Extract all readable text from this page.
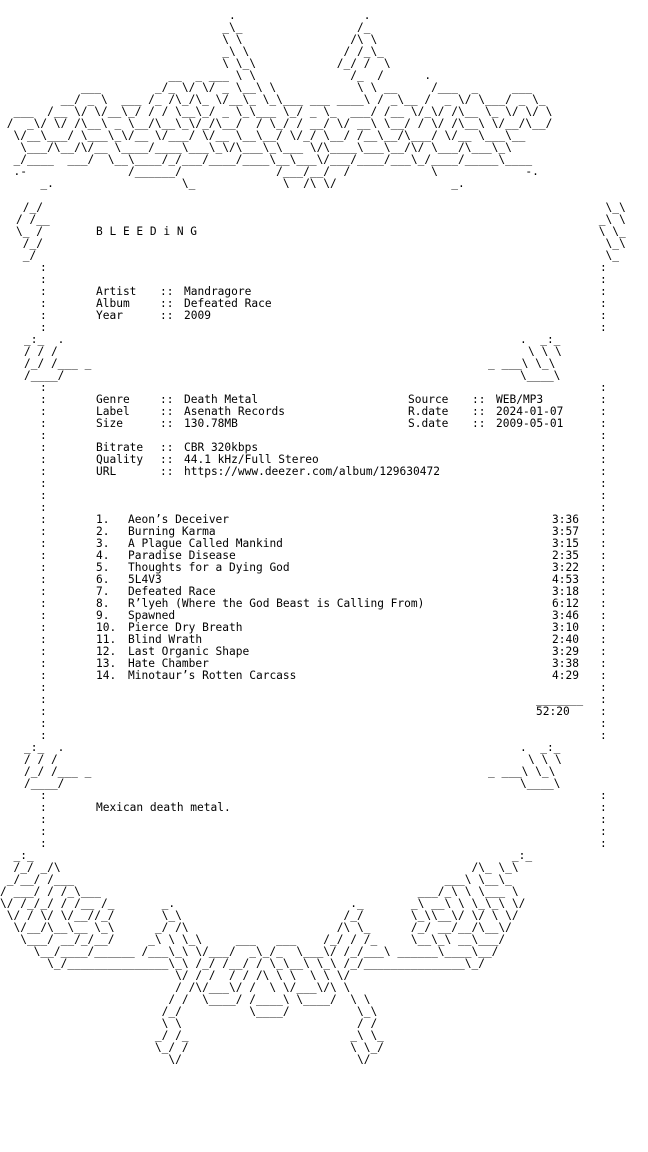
.                   .
_\_                 /_
\ \                /\ \
_\ \              / /_\_
\ \_\            /_/ /  \
__  _ ___ \ \              /_  /      .
___        _/_ \/ \/ _ \__\ \            \ \ __     /___  _     ___
__/ _ \  ___ /_ /\_/\_ \/__\_ \_\___ ___ ____\ / _\__ /  _ \/ \___/ _ \_
___  /__ \/ \/__\_/ / / \__\_/ _ \_\___ \_/ _ \_  ___/ /__ \/_\/ /\__ \_ \/ \/ \
/  _\/ \/ /\__\ _ \__/\__\_\/_/\__/  / \_/ / __/ \/ __\ \__/ / \/ /\__\ \/__/\__/
\/__\___/ \___\_\/__ \/___/ \/__ \__\__/ \/_/ \__/ /__\__/\___/ \/__ \___\__
\___/\__/\/__ \____/____\___\_\/\___\_\___ \/\____\___\__/\/ \___/\___\_\
_/____  ___/  \__\____/_/___/____/____\__\___\/___/____/___\_/____/_____\____
.-               /______/              /___/__/  /            \             -.
_.                   \_             \  /\ \/                 _.
/_/	\_\
/ /__	_\ \
\_ /	\ \_
/_/	\_\
_/	\_
:	:
:	:
:	:
:	:
:	:
:	:
:	:
:	:
:	:
:	:
:	:
:	:
:	:
:	:
:	:
:	:
:	:
:	:
:	:
:	:
:	:
:	:
:	:
:	:
:	:
:	:
:	:
:	:
:	:
:	:
:	:
:	:
:	:
:	:
:	:
:	:
:	:
:	:
:	:
:	:
:	:
_:_  .	.  _:_
/ / /	\ \ \
/_/ /___ _	_ ___\ \_\
/____/	\____\
_:_  .	.  _:_
/ / /	\ \ \
/_/ /___ _	_ ___\ \_\
/____/	\____\
_:_                                                                       _:_
/_/ _/\                                                             /\_ \_\
_/__/ /___                                                       ___\ \__\_
/ ___/ / /_\___                                               ___/_\ \ \___ \
\/ /_/_/ / /__ /_       _.                          ._       _\ __\ \ \_\_\ \/
\/ / \/ \/__//_/       \_\                        /_/       \_\\__\/ \/ \ \/
\/__/\__\__ \_\      _/ /\                      /\ \_      /_/ __/__/\__\/
\___/ __/_/__/     _\ \ \_\     ___   ___    /_/ / /_     \__\_\ __\___/
\__/____/______ /___\_\ \/___/  _\_/_  \___\/ /_/___\ ______\____\__/
\_/_______________\_\ /_/ /__/ / \_\__\ \_\ /_/_______________\_/
\/ / /  / / /\ \ \  \ \ \/
/ /\/___\/ /  \ \/___\/\ \
/ /  \____/ /____\ \____/  \ \
/_/          \____/          \_\
\ \                          / /
_/ /_                        _\ \_
\_/ /                        \ \_/
\/                          \/
B L E E D i N G
Artist :: Mandragore
Album	:: Defeated Race
Year	:: 2009
Genre	:: Death Metal	Source :: WEB/MP3
Label	:: Asenath Records	R.date :: 2024-01-07
Size	:: 130.78MB	S.date :: 2009-05-01
Bitrate :: CBR 320kbps
Quality :: 44.1 kHz/Full Stereo
URL	:: https://www.deezer.com/album/129630472
1. Aeon’s Deceiver	3:36
2. Burning Karma	3:57
3. A Plague Called Mankind	3:15
4. Paradise Disease	2:35
5. Thoughts for a Dying God	3:22
6. 5L4V3	4:53
7. Defeated Race	3:18
8. R’lyeh (Where the God Beast is Calling From)	6:12
9. Spawned	3:46
10. Pierce Dry Breath	3:10
11. Blind Wrath	2:40
12. Last Organic Shape	3:29
13. Hate Chamber	3:38
14. Minotaur’s Rotten Carcass	4:29
_______
52:20
Mexican death metal.
